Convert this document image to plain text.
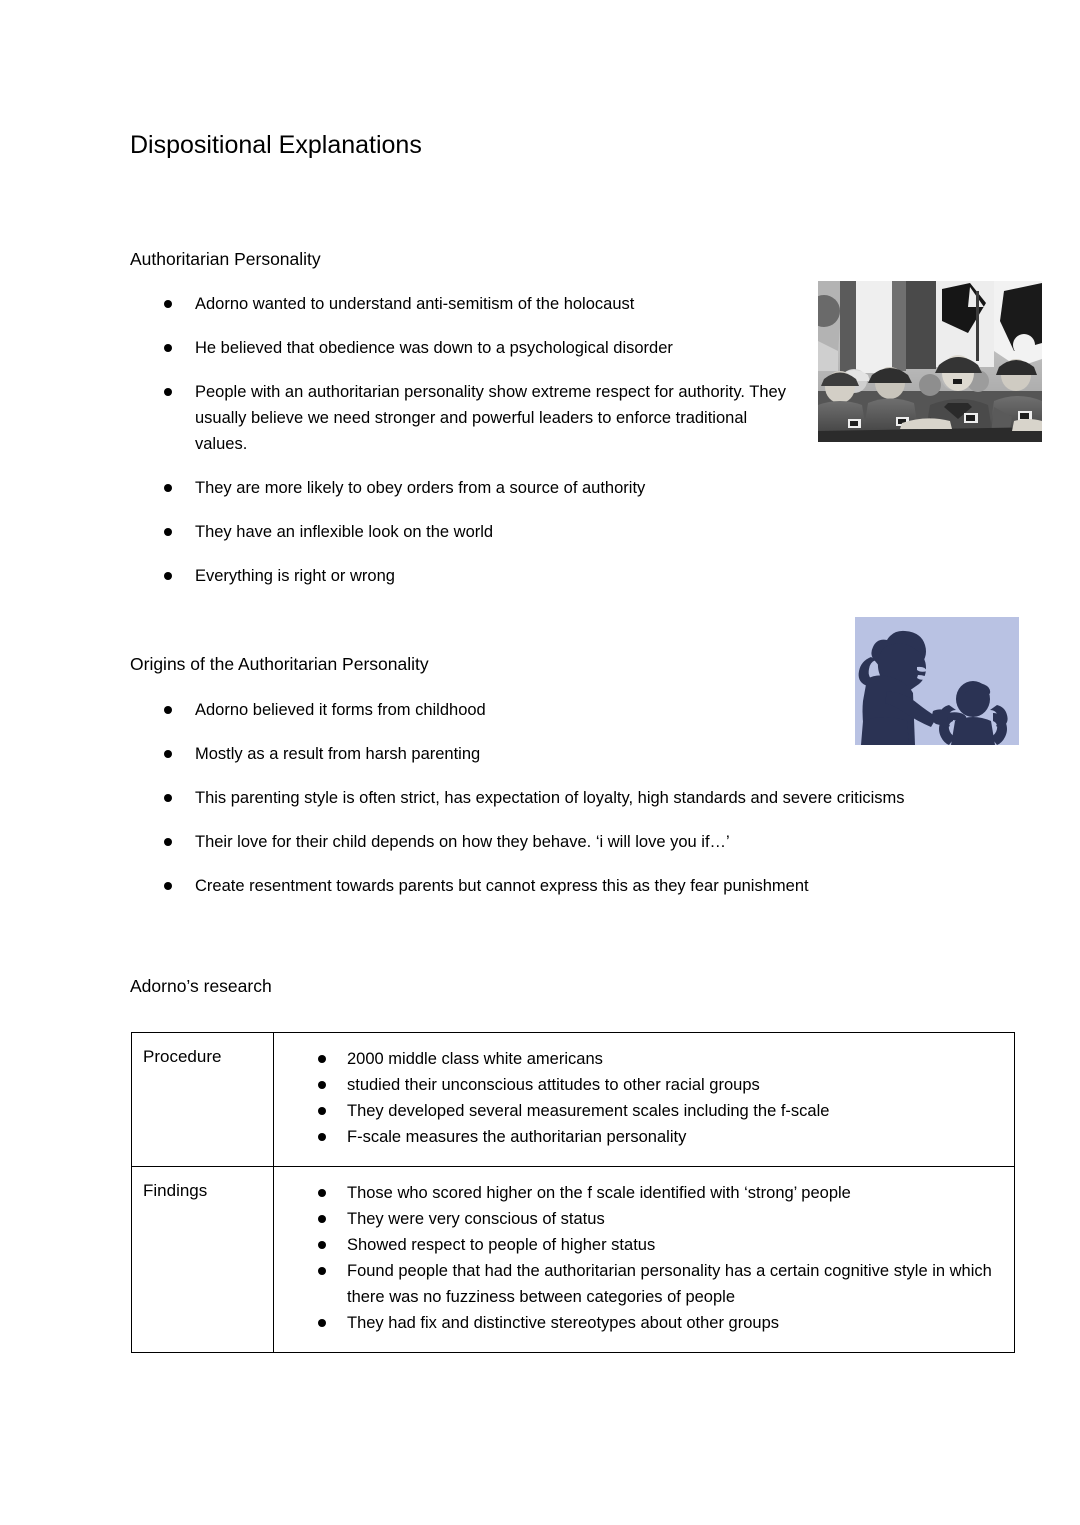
Dispositional Explanations
Authoritarian Personality
Adorno wanted to understand anti-semitism of the holocaust
He believed that obedience was down to a psychological disorder
People with an authoritarian personality show extreme respect for authority. They usually believe we need stronger and powerful leaders to enforce traditional values.
They are more likely to obey orders from a source of authority
They have an inflexible look on the world
Everything is right or wrong
Origins of the Authoritarian Personality
Adorno believed it forms from childhood
Mostly as a result from harsh parenting
This parenting style is often strict, has expectation of loyalty, high standards and severe criticisms
Their love for their child depends on how they behave. ‘i will love you if…’
Create resentment towards parents but cannot express this as they fear punishment
Adorno’s research
Procedure	2000 middle class white americans
studied their unconscious attitudes to other racial groups
They developed several measurement scales including the f-scale
F-scale measures the authoritarian personality

Findings	Those who scored higher on the f scale identified with ‘strong’ people
They were very conscious of status
Showed respect to people of higher status
Found people that had the authoritarian personality has a certain cognitive style in which there was no fuzziness between categories of people
They had fix and distinctive stereotypes about other groups
